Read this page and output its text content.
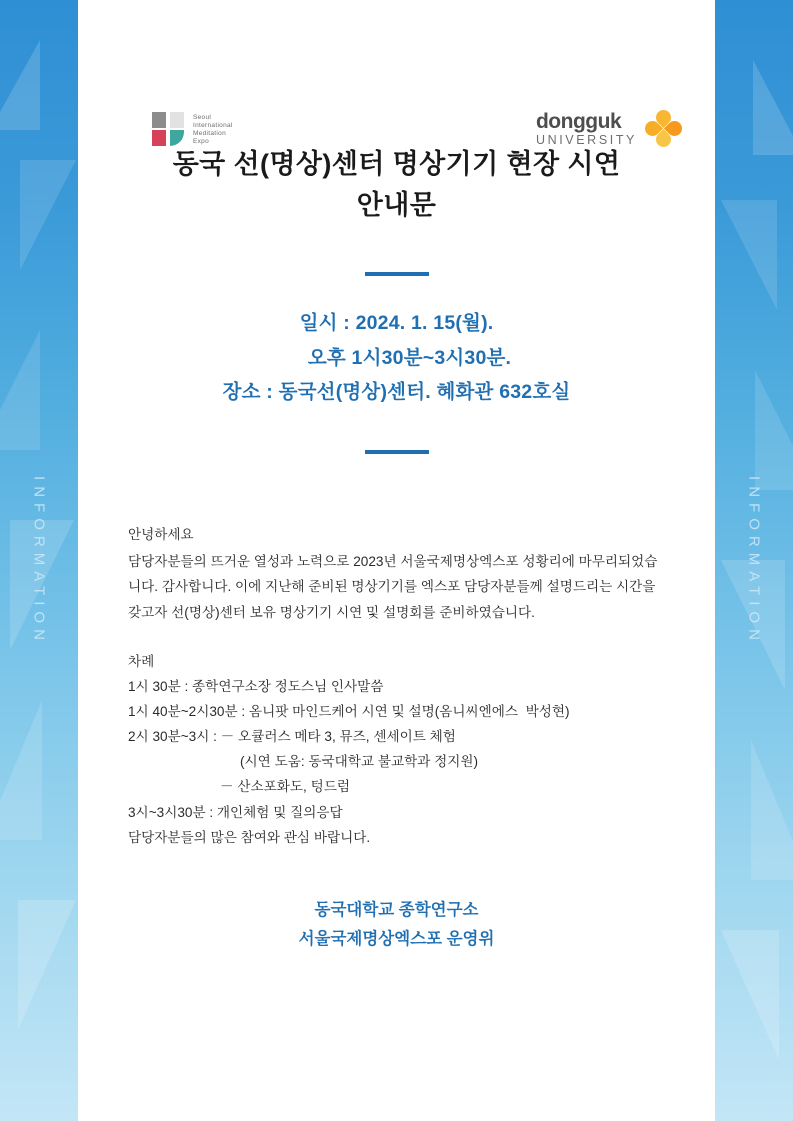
INFORMATION	INFORMATION
Seoul
International
Meditation
Expo
dongguk
UNIVERSITY
동국 선(명상)센터 명상기기 현장 시연
안내문
일시 : 2024. 1. 15(월).
오후 1시30분~3시30분.
장소 : 동국선(명상)센터. 혜화관 632호실

안녕하세요

담당자분들의 뜨거운 열성과 노력으로 2023년 서울국제명상엑스포 성황리에 마무리되었습니다. 감사합니다. 이에 지난해 준비된 명상기기를 엑스포 담당자분들께 설명드리는 시간을 갖고자 선(명상)센터 보유 명상기기 시연 및 설명회를 준비하였습니다.

차례

1시 30분 : 종학연구소장 정도스님 인사말씀

1시 40분~2시30분 : 옴니팟 마인드케어 시연 및 설명(옴니씨엔에스  박성현)

2시 30분~3시 : － 오큘러스 메타 3, 뮤즈, 센세이트 체험

(시연 도움: 동국대학교 불교학과 정지원)

－ 산소포화도, 텅드럼

3시~3시30분 : 개인체험 및 질의응답

담당자분들의 많은 참여와 관심 바랍니다.

동국대학교 종학연구소
서울국제명상엑스포 운영위
